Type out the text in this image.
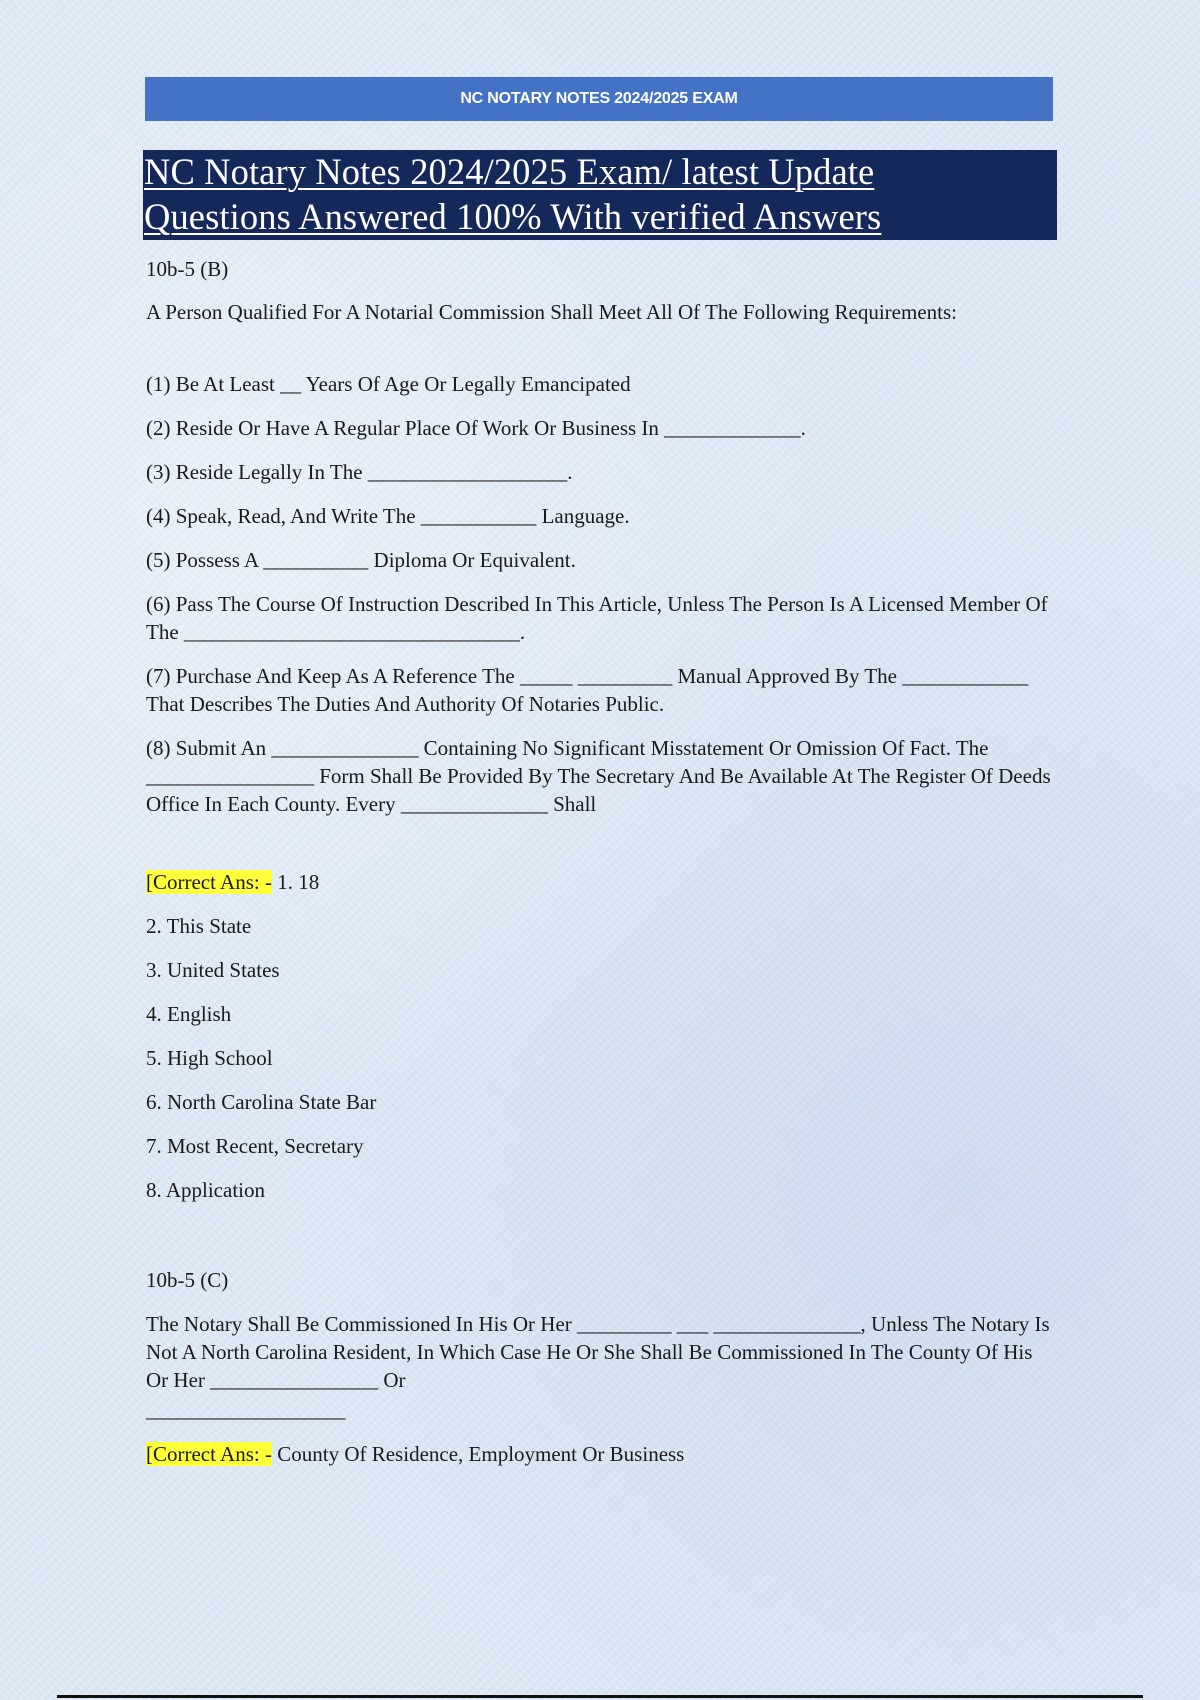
NC NOTARY NOTES 2024/2025 EXAM
NC Notary Notes 2024/2025 Exam/ latest Update
Questions Answered 100% With verified Answers
10b-5 (B)
A Person Qualified For A Notarial Commission Shall Meet All Of The Following Requirements:
(1) Be At Least __ Years Of Age Or Legally Emancipated
(2) Reside Or Have A Regular Place Of Work Or Business In _____________.
(3) Reside Legally In The ___________________.
(4) Speak, Read, And Write The ___________ Language.
(5) Possess A __________ Diploma Or Equivalent.
(6) Pass The Course Of Instruction Described In This Article, Unless The Person Is A Licensed Member Of The ________________________________.
(7) Purchase And Keep As A Reference The _____ _________ Manual Approved By The ____________ That Describes The Duties And Authority Of Notaries Public.
(8) Submit An ______________ Containing No Significant Misstatement Or Omission Of Fact. The ________________ Form Shall Be Provided By The Secretary And Be Available At The Register Of Deeds Office In Each County. Every ______________ Shall
[Correct Ans: - 1. 18
2. This State
3. United States
4. English
5. High School
6. North Carolina State Bar
7. Most Recent, Secretary
8. Application
10b-5 (C)
The Notary Shall Be Commissioned In His Or Her _________ ___ ______________, Unless The Notary Is Not A North Carolina Resident, In Which Case He Or She Shall Be Commissioned In The County Of His Or Her ________________ Or
___________________
[Correct Ans: - County Of Residence, Employment Or Business
